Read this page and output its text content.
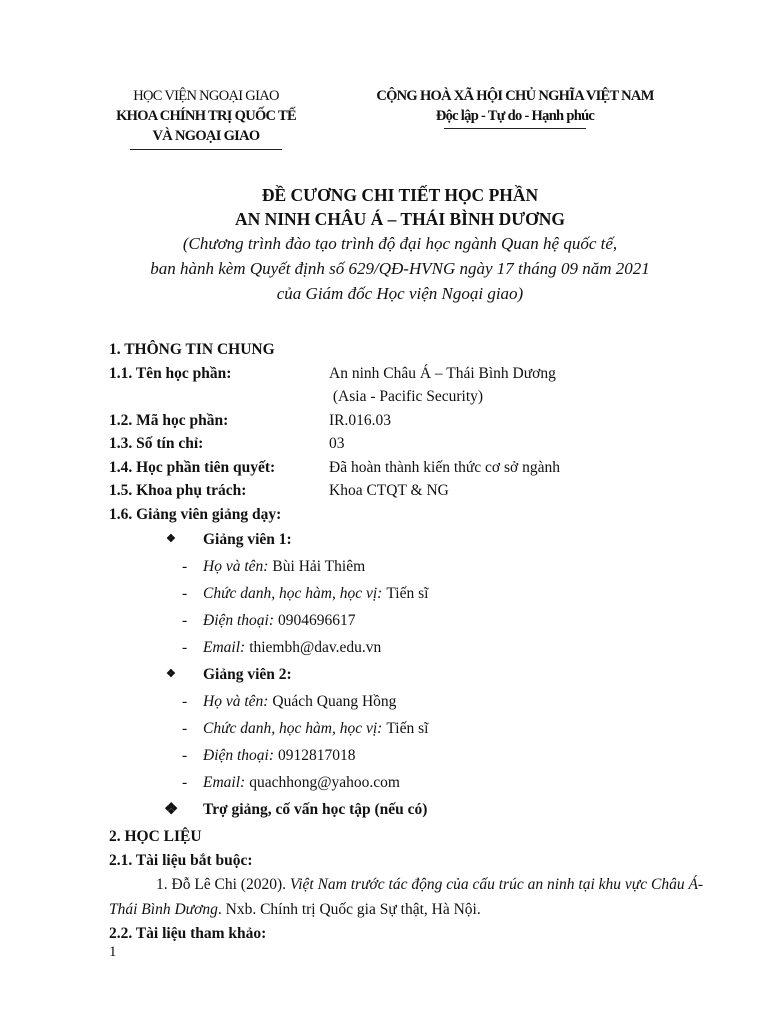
HỌC VIỆN NGOẠI GIAO
KHOA CHÍNH TRỊ QUỐC TẾ
VÀ NGOẠI GIAO
CỘNG HOÀ XÃ HỘI CHỦ NGHĨA VIỆT NAM
Độc lập - Tự do - Hạnh phúc
ĐỀ CƯƠNG CHI TIẾT HỌC PHẦN
AN NINH CHÂU Á – THÁI BÌNH DƯƠNG
(Chương trình đào tạo trình độ đại học ngành Quan hệ quốc tế,
ban hành kèm Quyết định số 629/QĐ-HVNG ngày 17 tháng 09 năm 2021
của Giám đốc Học viện Ngoại giao)
1. THÔNG TIN CHUNG
1.1. Tên học phần:	An ninh Châu Á – Thái Bình Dương
(Asia - Pacific Security)
1.2. Mã học phần:	IR.016.03
1.3. Số tín chỉ:	03
1.4. Học phần tiên quyết:	Đã hoàn thành kiến thức cơ sở ngành
1.5. Khoa phụ trách:	Khoa CTQT & NG
1.6. Giảng viên giảng dạy:
❖	Giảng viên 1:
-	Họ và tên: Bùi Hải Thiêm
-	Chức danh, học hàm, học vị: Tiến sĩ
-	Điện thoại: 0904696617
-	Email: thiembh@dav.edu.vn
❖	Giảng viên 2:
-	Họ và tên: Quách Quang Hồng
-	Chức danh, học hàm, học vị: Tiến sĩ
-	Điện thoại: 0912817018
-	Email: quachhong@yahoo.com
❖	Trợ giảng, cố vấn học tập (nếu có)
2. HỌC LIỆU
2.1. Tài liệu bắt buộc:
1. Đỗ Lê Chi (2020). Việt Nam trước tác động của cấu trúc an ninh tại khu vực Châu Á-Thái Bình Dương. Nxb. Chính trị Quốc gia Sự thật, Hà Nội.
2.2. Tài liệu tham khảo:
1
